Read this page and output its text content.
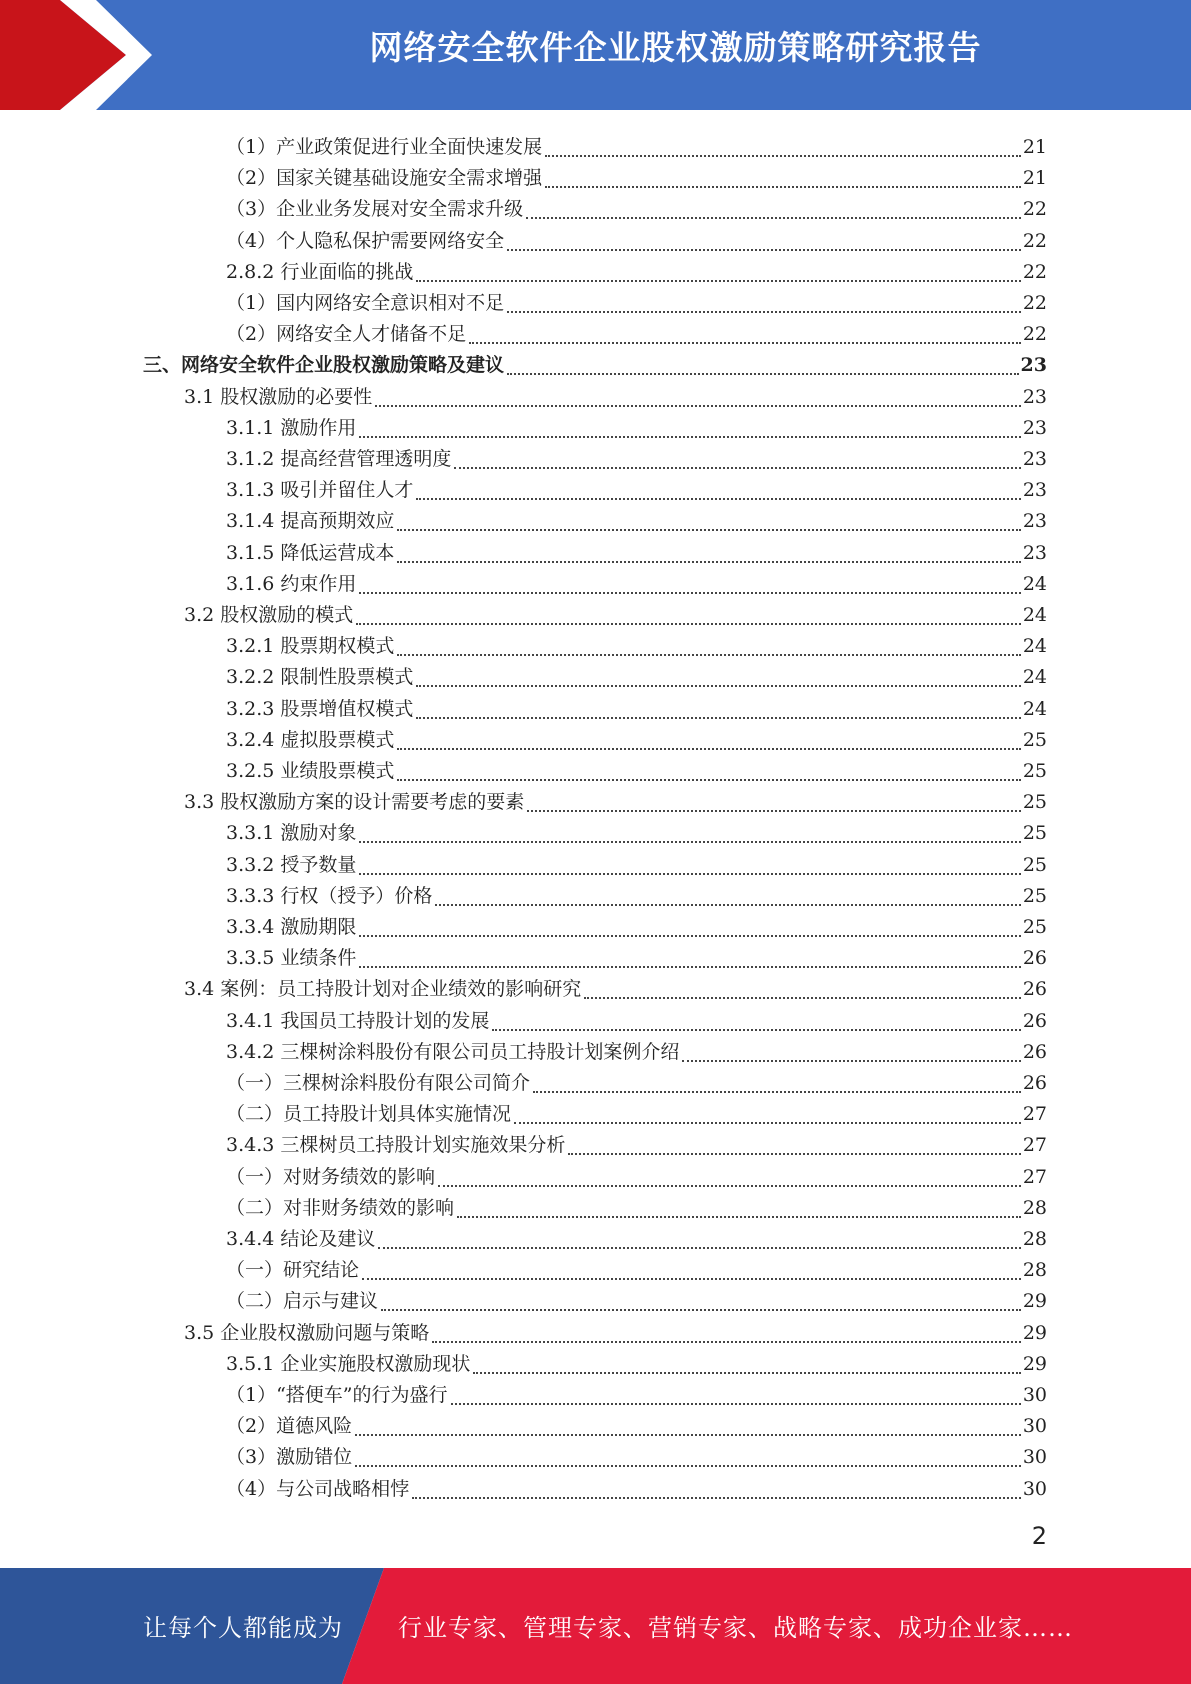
网络安全软件企业股权激励策略研究报告
（1）产业政策促进行业全面快速发展	21
（2）国家关键基础设施安全需求增强	21
（3）企业业务发展对安全需求升级	22
（4）个人隐私保护需要网络安全	22
2.8.2 行业面临的挑战	22
（1）国内网络安全意识相对不足	22
（2）网络安全人才储备不足	22
三、网络安全软件企业股权激励策略及建议	23
3.1 股权激励的必要性	23
3.1.1 激励作用	23
3.1.2 提高经营管理透明度	23
3.1.3 吸引并留住人才	23
3.1.4 提高预期效应	23
3.1.5 降低运营成本	23
3.1.6 约束作用	24
3.2 股权激励的模式	24
3.2.1 股票期权模式	24
3.2.2 限制性股票模式	24
3.2.3 股票增值权模式	24
3.2.4 虚拟股票模式	25
3.2.5 业绩股票模式	25
3.3 股权激励方案的设计需要考虑的要素	25
3.3.1 激励对象	25
3.3.2 授予数量	25
3.3.3 行权（授予）价格	25
3.3.4 激励期限	25
3.3.5 业绩条件	26
3.4 案例：员工持股计划对企业绩效的影响研究	26
3.4.1 我国员工持股计划的发展	26
3.4.2 三棵树涂料股份有限公司员工持股计划案例介绍	26
（一）三棵树涂料股份有限公司简介	26
（二）员工持股计划具体实施情况	27
3.4.3 三棵树员工持股计划实施效果分析	27
（一）对财务绩效的影响	27
（二）对非财务绩效的影响	28
3.4.4 结论及建议	28
（一）研究结论	28
（二）启示与建议	29
3.5 企业股权激励问题与策略	29
3.5.1 企业实施股权激励现状	29
（1）“搭便车”的行为盛行	30
（2）道德风险	30
（3）激励错位	30
（4）与公司战略相悖	30
2
让每个人都能成为 行业专家、管理专家、营销专家、战略专家、成功企业家……
